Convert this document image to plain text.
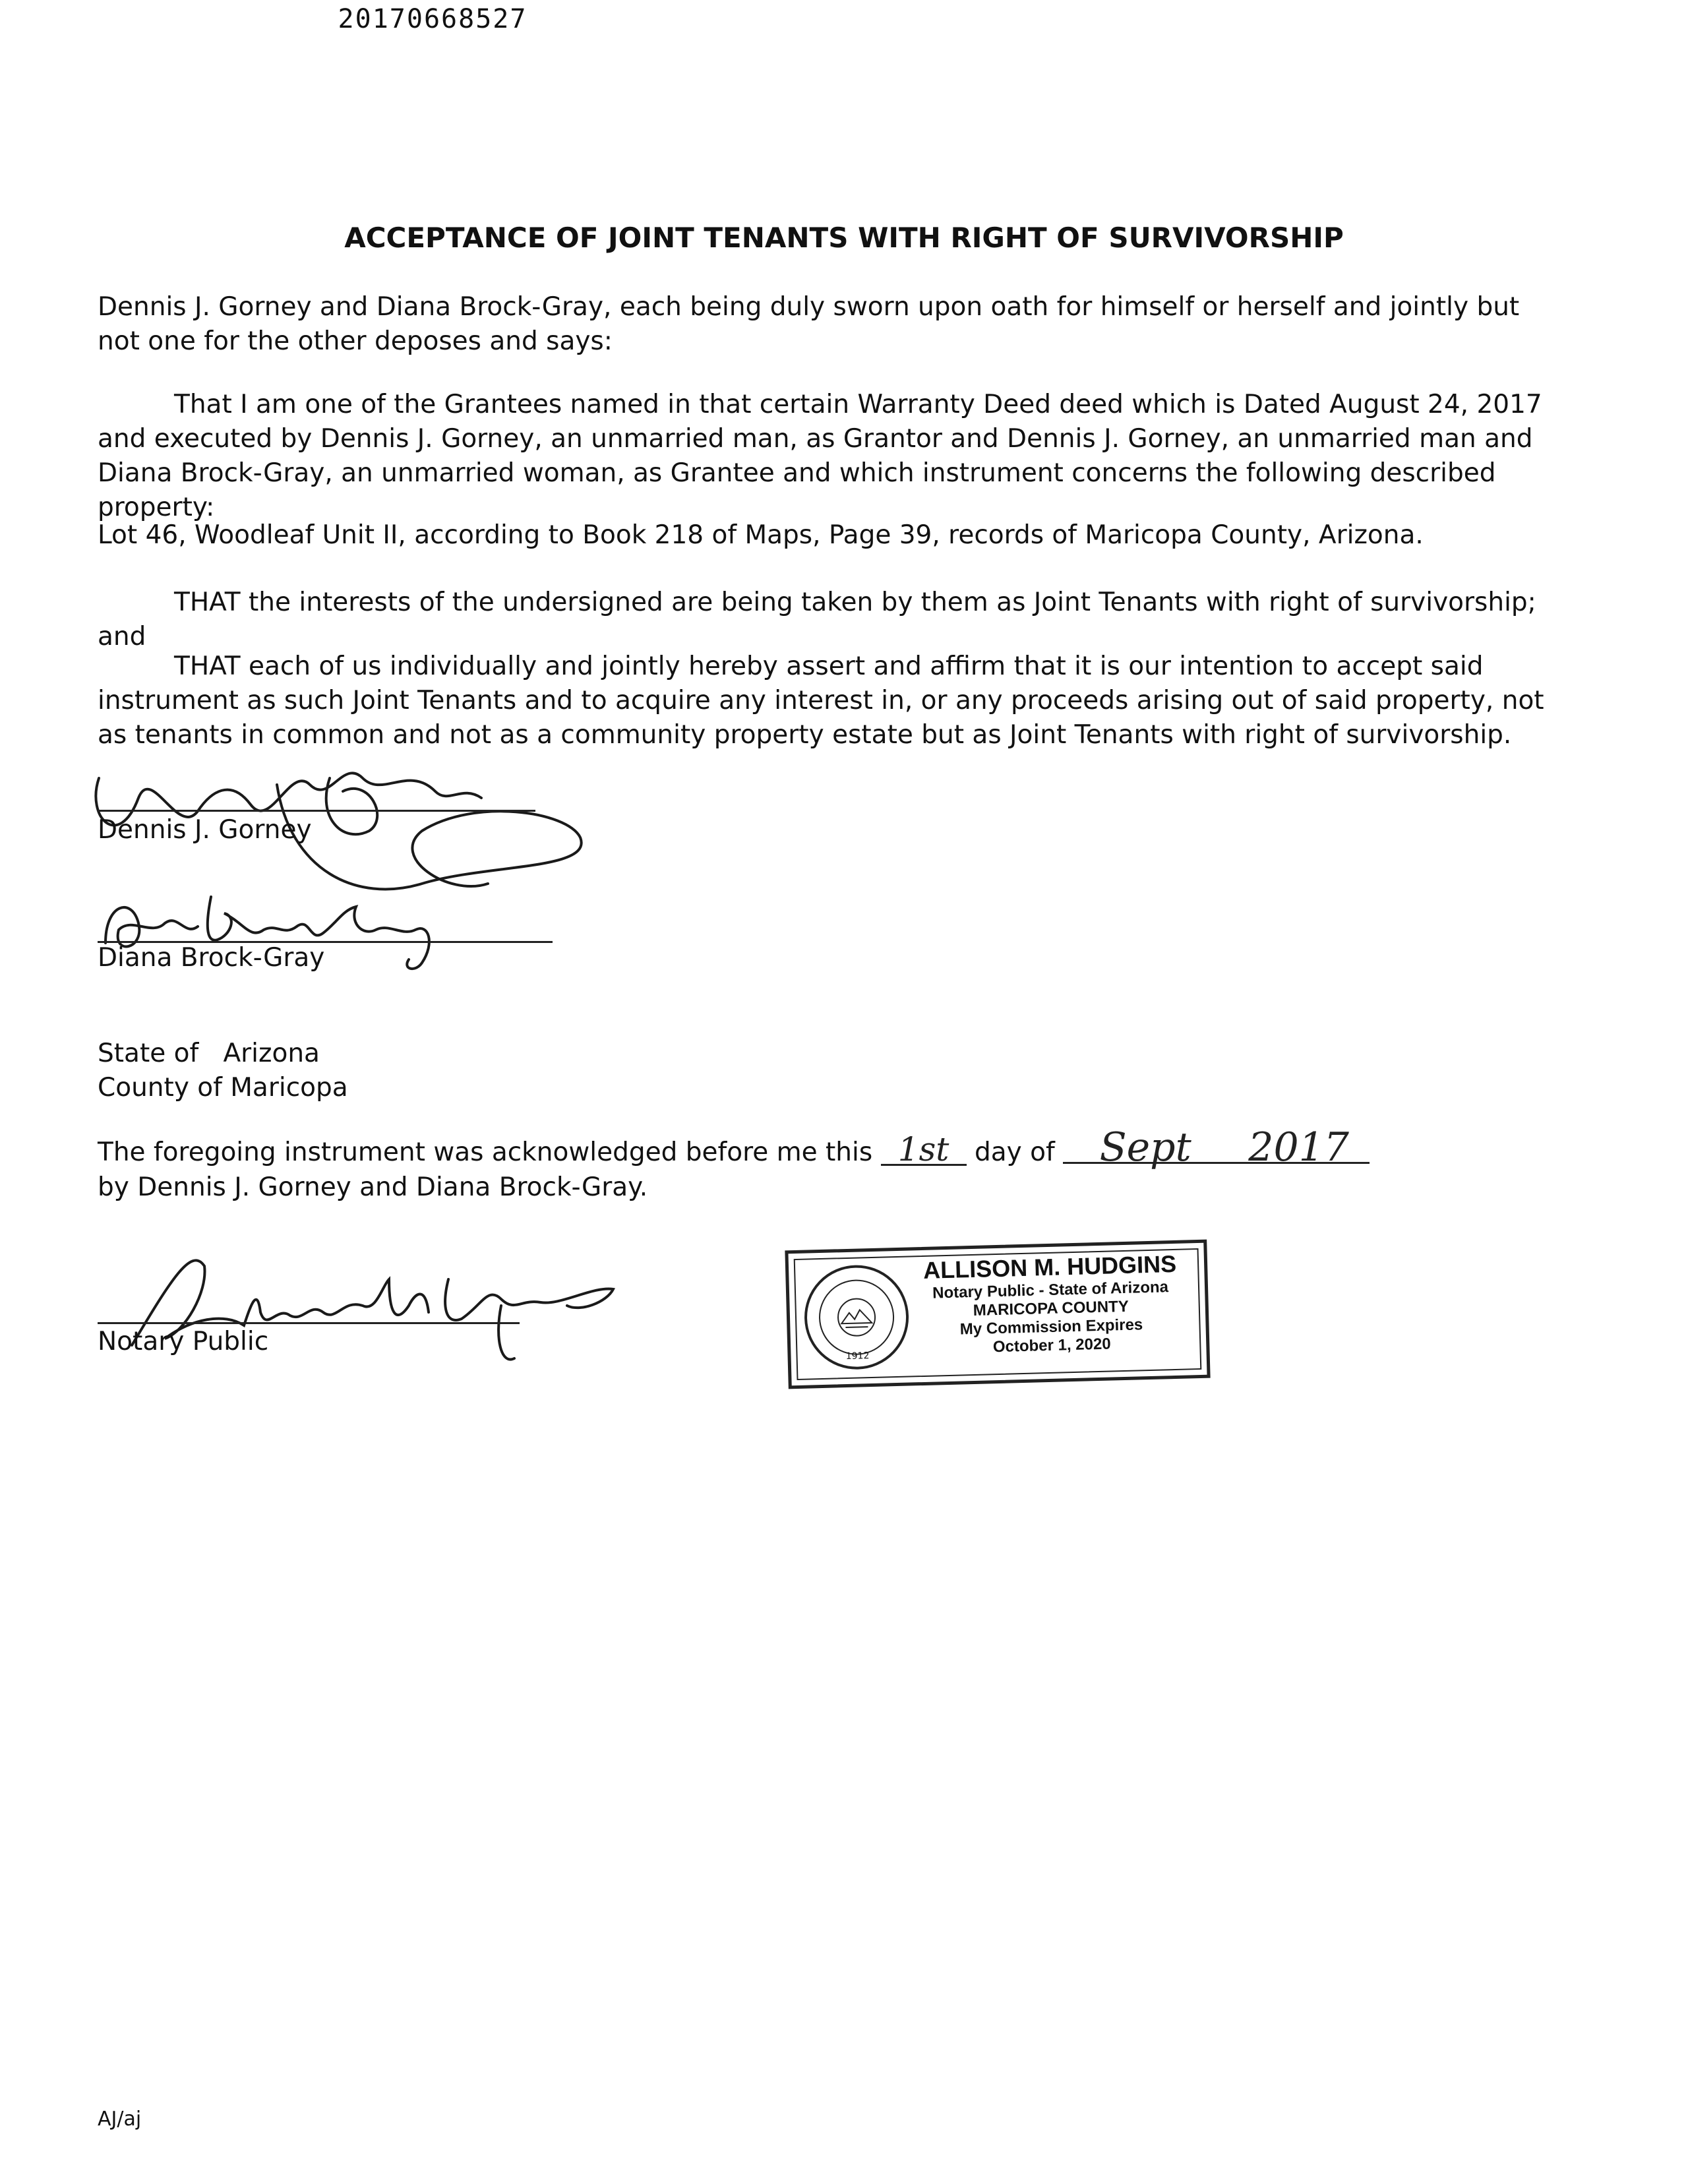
20170668527
ACCEPTANCE OF JOINT TENANTS WITH RIGHT OF SURVIVORSHIP

Dennis J. Gorney and Diana Brock-Gray, each being duly sworn upon oath for himself or herself and jointly but not one for the other deposes and says:

That I am one of the Grantees named in that certain Warranty Deed deed which is Dated August 24, 2017 and executed by Dennis J. Gorney, an unmarried man, as Grantor and Dennis J. Gorney, an unmarried man and Diana Brock-Gray, an unmarried woman, as Grantee and which instrument concerns the following described property:

Lot 46, Woodleaf Unit II, according to Book 218 of Maps, Page 39, records of Maricopa County, Arizona.

THAT the interests of the undersigned are being taken by them as Joint Tenants with right of survivorship; and

THAT each of us individually and jointly hereby assert and affirm that it is our intention to accept said instrument as such Joint Tenants and to acquire any interest in, or any proceeds arising out of said property, not as tenants in common and not as a community property estate but as Joint Tenants with right of survivorship.

Dennis J. Gorney
Diana Brock-Gray
State of Arizona
County of Maricopa
The foregoing instrument was acknowledged before me this 1st day of Sept 2017
by Dennis J. Gorney and Diana Brock-Gray.
Notary Public	1912
ALLISON M. HUDGINS
Notary Public - State of Arizona
MARICOPA COUNTY
My Commission Expires
October 1, 2020
AJ/aj
